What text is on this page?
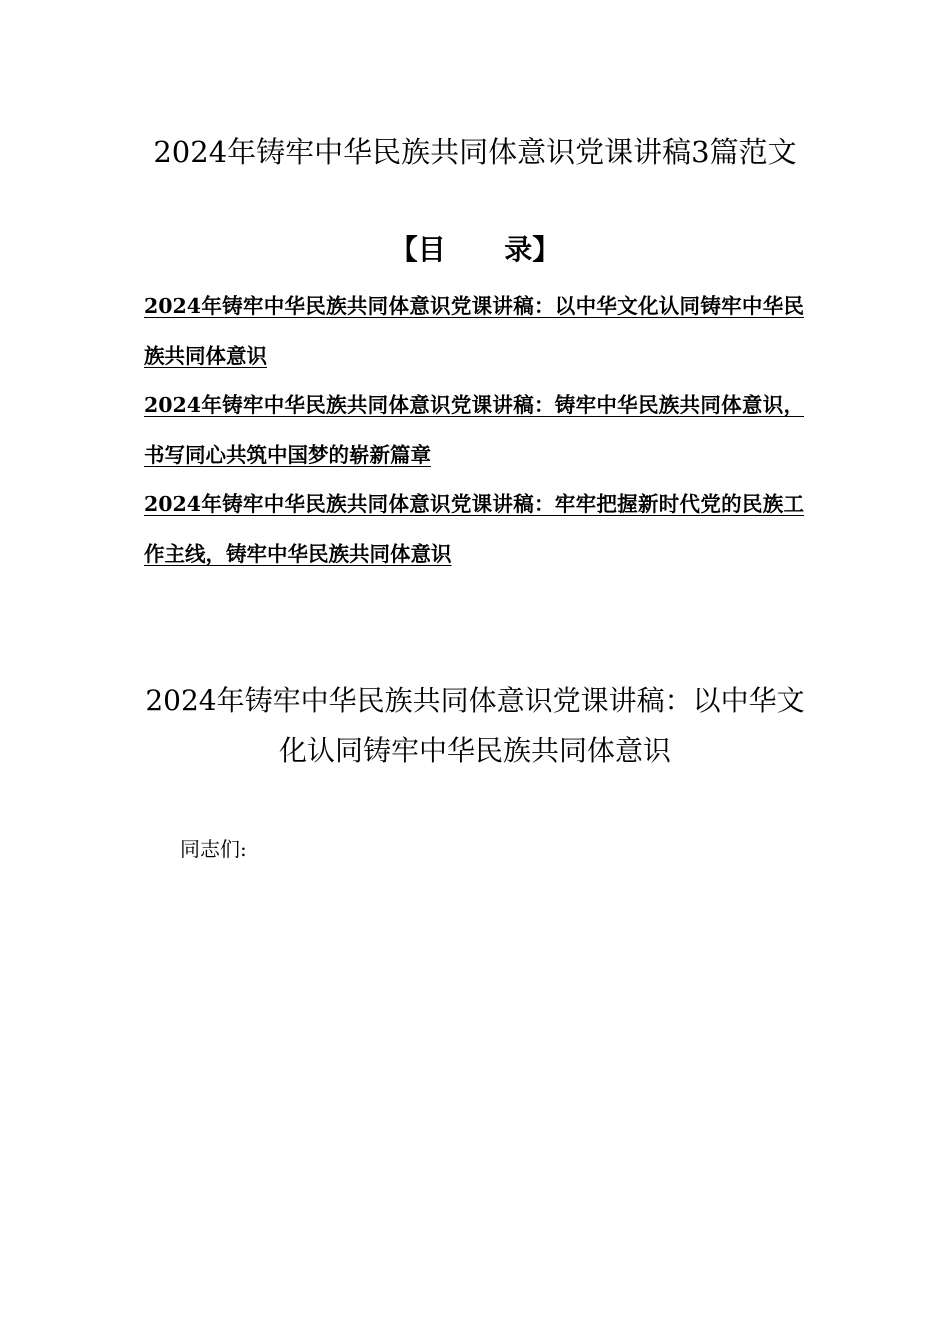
2024年铸牢中华民族共同体意识党课讲稿3篇范文
【目      录】
2024年铸牢中华民族共同体意识党课讲稿：以中华文化认同铸牢中华民族共同体意识
2024年铸牢中华民族共同体意识党课讲稿：铸牢中华民族共同体意识，书写同心共筑中国梦的崭新篇章
2024年铸牢中华民族共同体意识党课讲稿：牢牢把握新时代党的民族工作主线，铸牢中华民族共同体意识
2024年铸牢中华民族共同体意识党课讲稿：以中华文化认同铸牢中华民族共同体意识
同志们:
